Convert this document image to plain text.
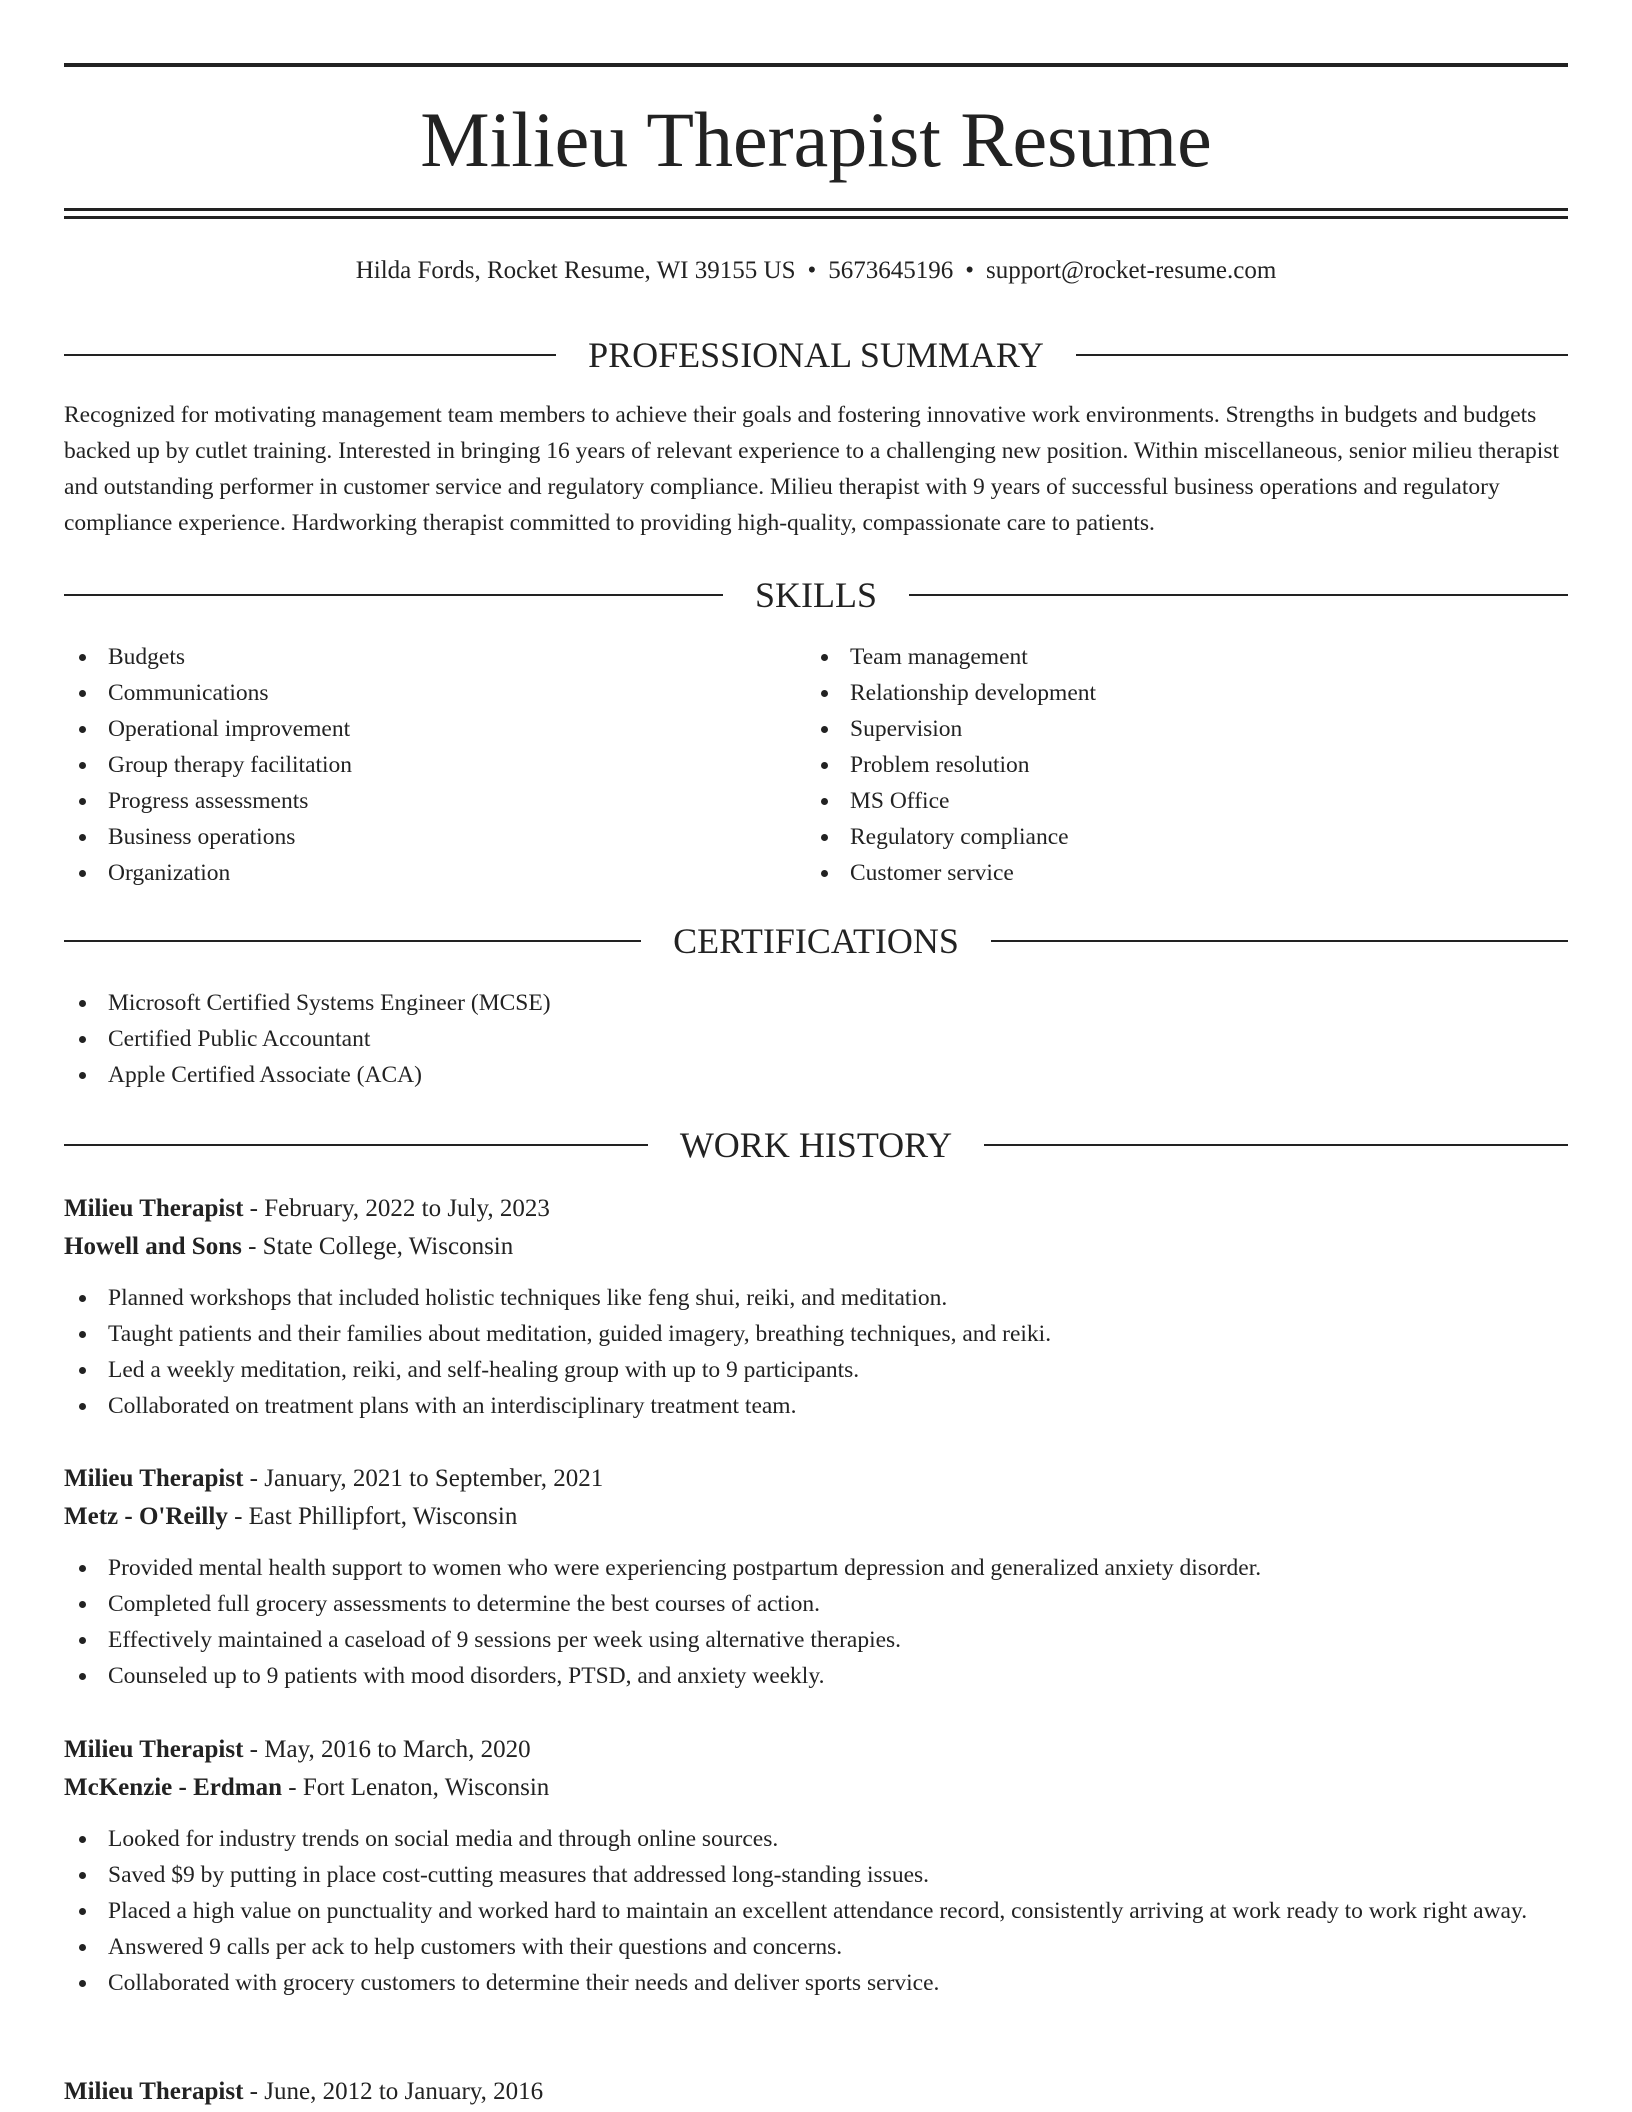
Milieu Therapist Resume
Hilda Fords, Rocket Resume, WI 39155 US • 5673645196 • support@rocket-resume.com
PROFESSIONAL SUMMARY

Recognized for motivating management team members to achieve their goals and fostering innovative work environments. Strengths in budgets and budgets backed up by cutlet training. Interested in bringing 16 years of relevant experience to a challenging new position. Within miscellaneous, senior milieu therapist and outstanding performer in customer service and regulatory compliance. Milieu therapist with 9 years of successful business operations and regulatory compliance experience. Hardworking therapist committed to providing high-quality, compassionate care to patients.

SKILLS
Budgets
Communications
Operational improvement
Group therapy facilitation
Progress assessments
Business operations
Organization
Team management
Relationship development
Supervision
Problem resolution
MS Office
Regulatory compliance
Customer service
CERTIFICATIONS
Microsoft Certified Systems Engineer (MCSE)
Certified Public Accountant
Apple Certified Associate (ACA)
WORK HISTORY
Milieu Therapist - February, 2022 to July, 2023
Howell and Sons - State College, Wisconsin
Planned workshops that included holistic techniques like feng shui, reiki, and meditation.
Taught patients and their families about meditation, guided imagery, breathing techniques, and reiki.
Led a weekly meditation, reiki, and self-healing group with up to 9 participants.
Collaborated on treatment plans with an interdisciplinary treatment team.
Milieu Therapist - January, 2021 to September, 2021
Metz - O'Reilly - East Phillipfort, Wisconsin
Provided mental health support to women who were experiencing postpartum depression and generalized anxiety disorder.
Completed full grocery assessments to determine the best courses of action.
Effectively maintained a caseload of 9 sessions per week using alternative therapies.
Counseled up to 9 patients with mood disorders, PTSD, and anxiety weekly.
Milieu Therapist - May, 2016 to March, 2020
McKenzie - Erdman - Fort Lenaton, Wisconsin
Looked for industry trends on social media and through online sources.
Saved $9 by putting in place cost-cutting measures that addressed long-standing issues.
Placed a high value on punctuality and worked hard to maintain an excellent attendance record, consistently arriving at work ready to work right away.
Answered 9 calls per ack to help customers with their questions and concerns.
Collaborated with grocery customers to determine their needs and deliver sports service.
Milieu Therapist - June, 2012 to January, 2016
